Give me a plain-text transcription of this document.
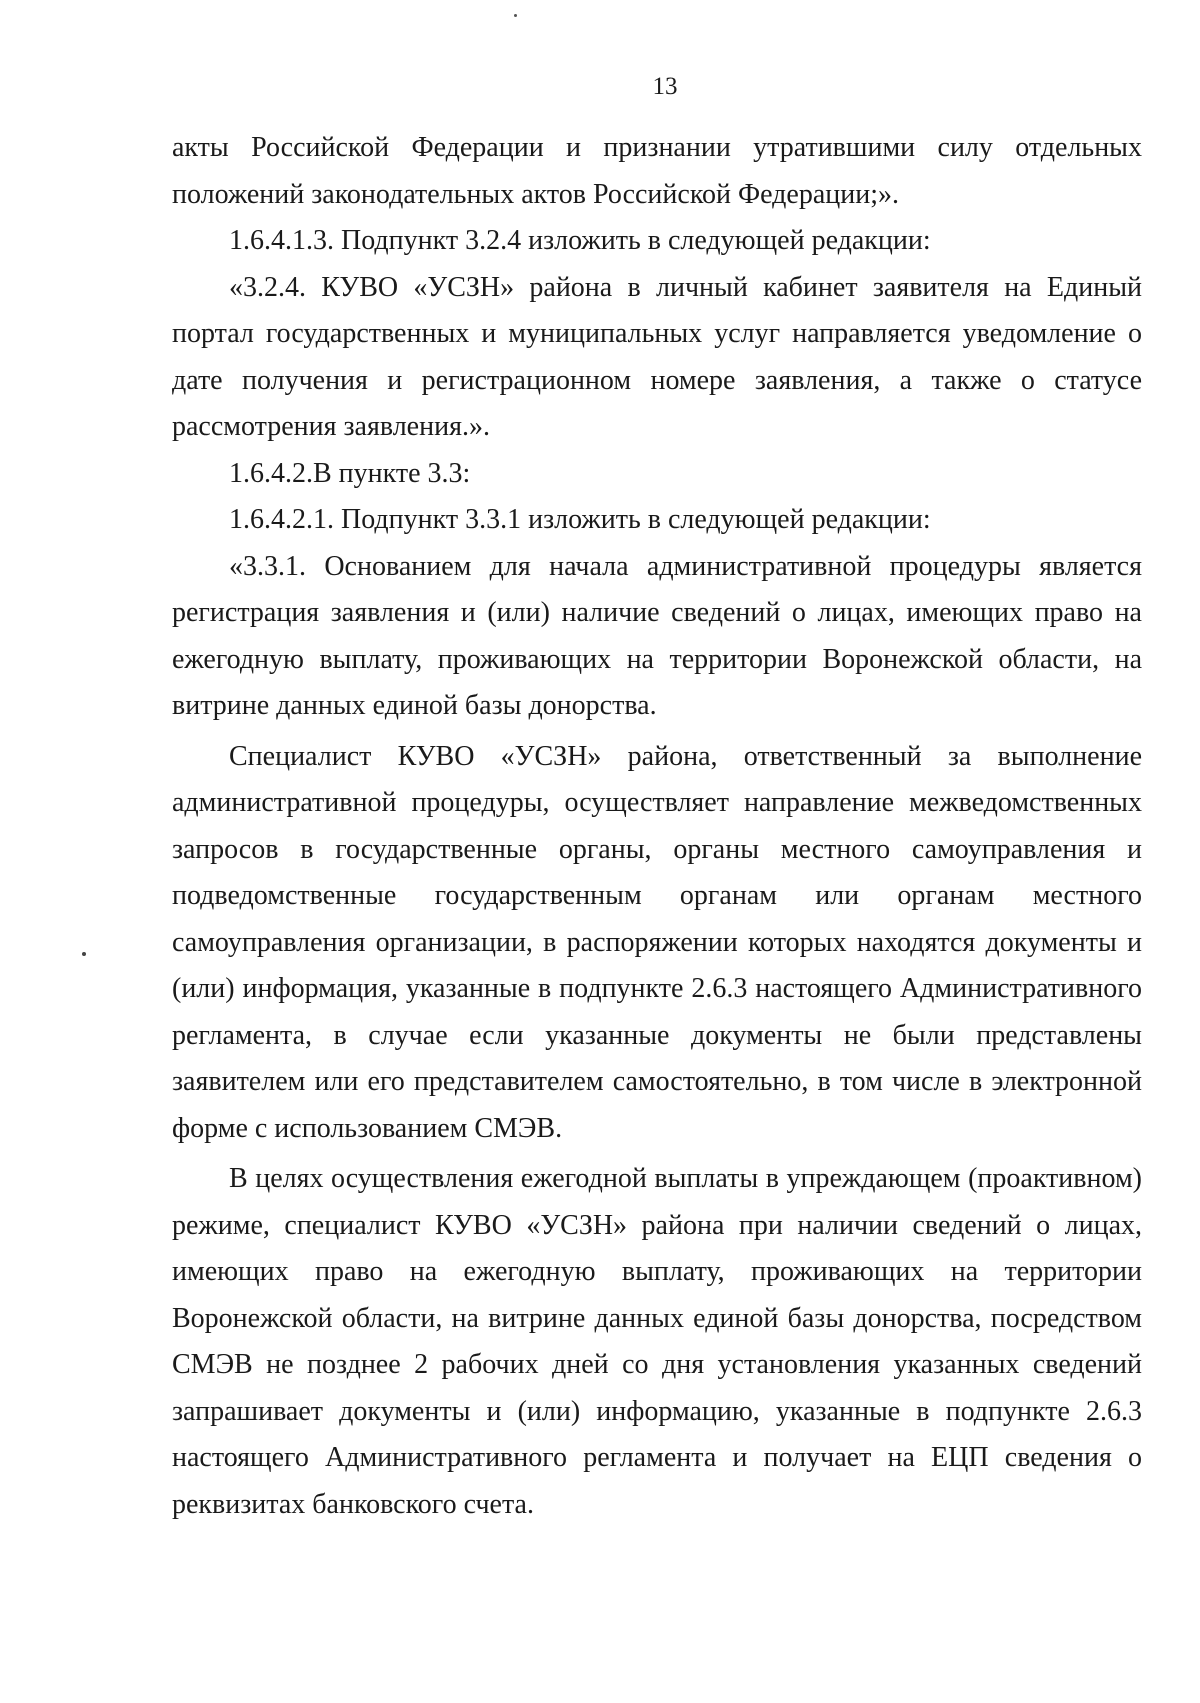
13

акты Российской Федерации и признании утратившими силу отдельных положений законодательных актов Российской Федерации;».

1.6.4.1.3. Подпункт 3.2.4 изложить в следующей редакции:

«3.2.4. КУВО «УСЗН» района в личный кабинет заявителя на Единый портал государственных и муниципальных услуг направляется уведомление о дате получения и регистрационном номере заявления, а также о статусе рассмотрения заявления.».

1.6.4.2.В пункте 3.3:

1.6.4.2.1. Подпункт 3.3.1 изложить в следующей редакции:

«3.3.1. Основанием для начала административной процедуры является регистрация заявления и (или) наличие сведений о лицах, имеющих право на ежегодную выплату, проживающих на территории Воронежской области, на витрине данных единой базы донорства.

Специалист КУВО «УСЗН» района, ответственный за выполнение административной процедуры, осуществляет направление межведомственных запросов в государственные органы, органы местного самоуправления и подведомственные государственным органам или органам местного самоуправления организации, в распоряжении которых находятся документы и (или) информация, указанные в подпункте 2.6.3 настоящего Административного регламента, в случае если указанные документы не были представлены заявителем или его представителем самостоятельно, в том числе в электронной форме с использованием СМЭВ.

В целях осуществления ежегодной выплаты в упреждающем (проактивном) режиме, специалист КУВО «УСЗН» района при наличии сведений о лицах, имеющих право на ежегодную выплату, проживающих на территории Воронежской области, на витрине данных единой базы донорства, посредством СМЭВ не позднее 2 рабочих дней со дня установления указанных сведений запрашивает документы и (или) информацию, указанные в подпункте 2.6.3 настоящего Административного регламента и получает на ЕЦП сведения о реквизитах банковского счета.
